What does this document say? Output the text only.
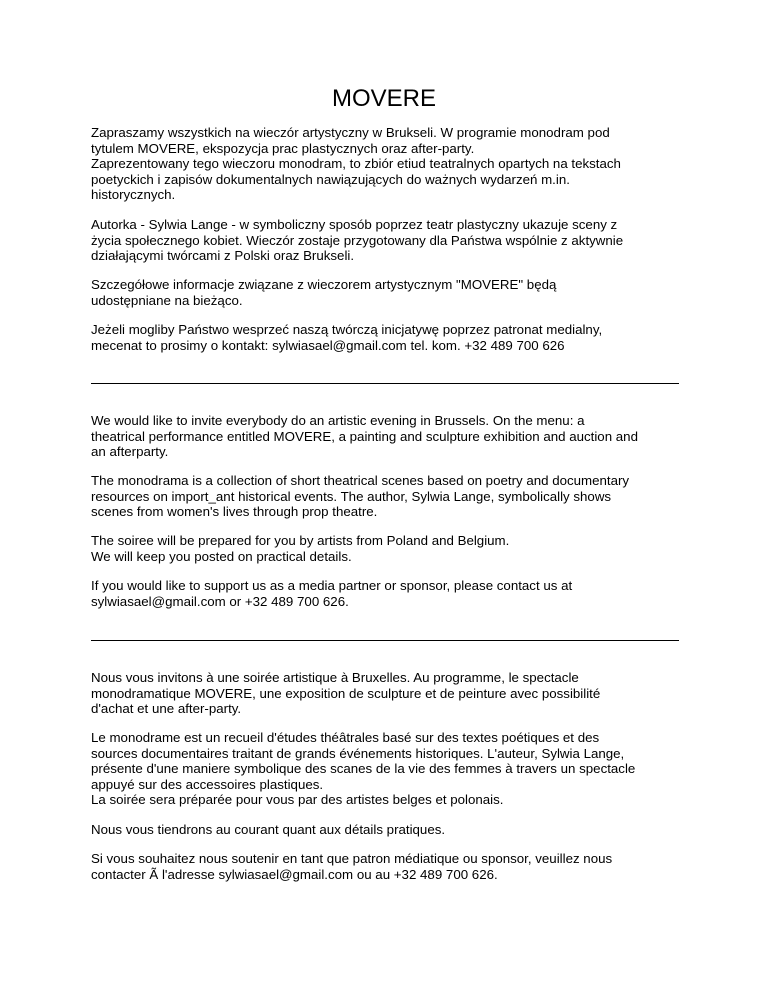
MOVERE

Zapraszamy wszystkich na wieczór artystyczny w Brukseli. W programie monodram pod
tytulem MOVERE, ekspozycja prac plastycznych oraz after-party.
Zaprezentowany tego wieczoru monodram, to zbiór etiud teatralnych opartych na tekstach
poetyckich i zapisów dokumentalnych nawiązujących do ważnych wydarzeń m.in.
historycznych.

Autorka - Sylwia Lange - w symboliczny sposób poprzez teatr plastyczny ukazuje sceny z
życia społecznego kobiet. Wieczór zostaje przygotowany dla Państwa wspólnie z aktywnie
działającymi twórcami z Polski oraz Brukseli.

Szczegółowe informacje związane z wieczorem artystycznym "MOVERE" będą
udostępniane na bieżąco.

Jeżeli mogliby Państwo wesprzeć naszą twórczą inicjatywę poprzez patronat medialny,
mecenat to prosimy o kontakt: sylwiasael@gmail.com tel. kom. +32 489 700 626

We would like to invite everybody do an artistic evening in Brussels. On the menu: a
theatrical performance entitled MOVERE, a painting and sculpture exhibition and auction and
an afterparty.

The monodrama is a collection of short theatrical scenes based on poetry and documentary
resources on import_ant historical events. The author, Sylwia Lange, symbolically shows
scenes from women's lives through prop theatre.

The soiree will be prepared for you by artists from Poland and Belgium.
We will keep you posted on practical details.

If you would like to support us as a media partner or sponsor, please contact us at
sylwiasael@gmail.com or +32 489 700 626.

Nous vous invitons à une soirée artistique à Bruxelles. Au programme, le spectacle
monodramatique MOVERE, une exposition de sculpture et de peinture avec possibilité
d'achat et une after-party.

Le monodrame est un recueil d'études théâtrales basé sur des textes poétiques et des
sources documentaires traitant de grands événements historiques. L'auteur, Sylwia Lange,
présente d'une maniere symbolique des scanes de la vie des femmes à travers un spectacle
appuyé sur des accessoires plastiques.
La soirée sera préparée pour vous par des artistes belges et polonais.

Nous vous tiendrons au courant quant aux détails pratiques.

Si vous souhaitez nous soutenir en tant que patron médiatique ou sponsor, veuillez nous
contacter Ã l'adresse sylwiasael@gmail.com ou au +32 489 700 626.
